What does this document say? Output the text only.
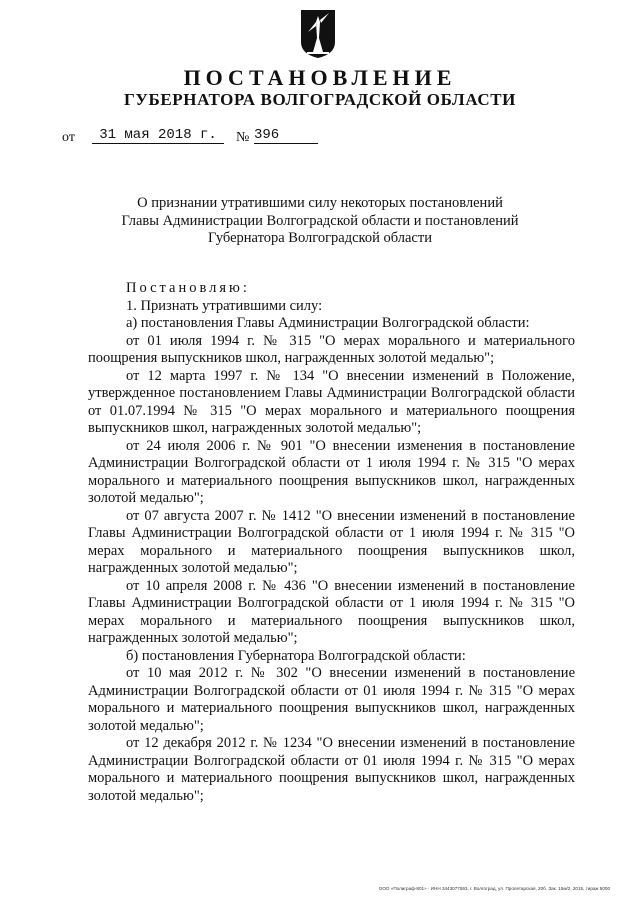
ПОСТАНОВЛЕНИЕ
ГУБЕРНАТОРА ВОЛГОГРАДСКОЙ ОБЛАСТИ
от	31 мая 2018 г.	№ 396
О признании утратившими силу некоторых постановлений
Главы Администрации Волгоградской области и постановлений
Губернатора Волгоградской области

Постановляю:

1. Признать утратившими силу:

а) постановления Главы Администрации Волгоградской области:

от 01 июля 1994 г. № 315 "О мерах морального и материального поощрения выпускников школ, награжденных золотой медалью";

от 12 марта 1997 г. № 134 "О внесении изменений в Положение, утвержденное постановлением Главы Администрации Волгоградской области от 01.07.1994 № 315 "О мерах морального и материального поощрения выпускников школ, награжденных золотой медалью";

от 24 июля 2006 г. № 901 "О внесении изменения в постановление Администрации Волгоградской области от 1 июля 1994 г. № 315 "О мерах морального и материального поощрения выпускников школ, награжденных золотой медалью";

от 07 августа 2007 г. № 1412 "О внесении изменений в постановление Главы Администрации Волгоградской области от 1 июля 1994 г. № 315 "О мерах морального и материального поощрения выпускников школ, награжденных золотой медалью";

от 10 апреля 2008 г. № 436 "О внесении изменений в постановление Главы Администрации Волгоградской области от 1 июля 1994 г. № 315 "О мерах морального и материального поощрения выпускников школ, награжденных золотой медалью";

б) постановления Губернатора Волгоградской области:

от 10 мая 2012 г. № 302 "О внесении изменений в постановление Администрации Волгоградской области от 01 июля 1994 г. № 315 "О мерах морального и материального поощрения выпускников школ, награжденных золотой медалью";

от 12 декабря 2012 г. № 1234 "О внесении изменений в постановление Администрации Волгоградской области от 01 июля 1994 г. № 315 "О мерах морального и материального поощрения выпускников школ, награжденных золотой медалью";

ООО «Полиграф-801» · ИНН 3443077593, г. Волгоград, ул. Пролетарская, 20б. Зак. 15м/2, 2015, тираж 5000
